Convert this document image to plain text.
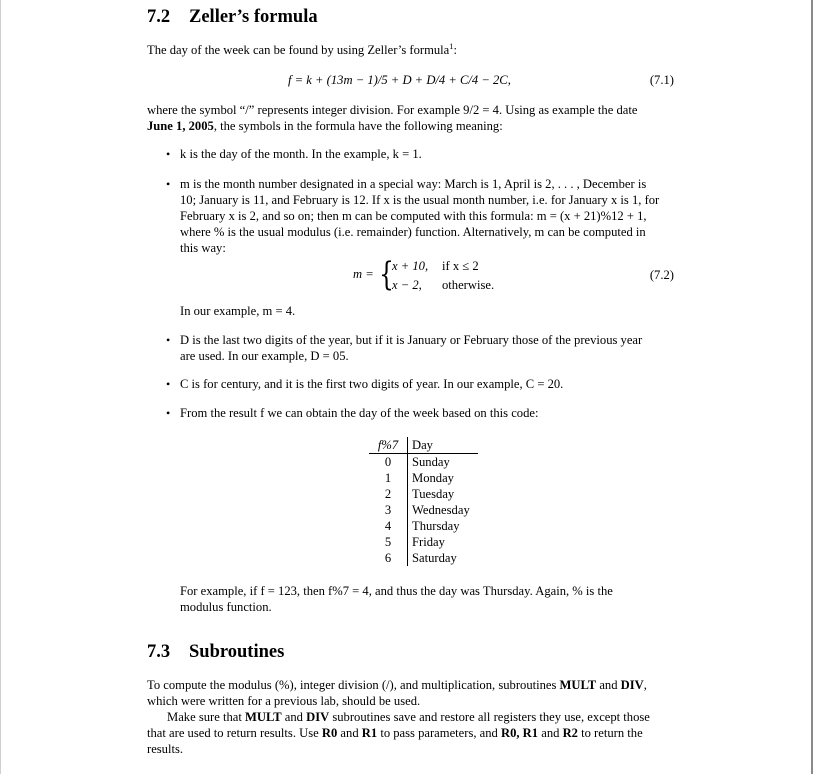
7.2 Zeller’s formula
The day of the week can be found by using Zeller’s formula$^1$:
f = k + (13m − 1)/5 + D + D/4 + C/4 − 2C,	(7.1)
where the symbol “/” represents integer division. For example 9/2 = 4. Using as example the date
June 1, 2005, the symbols in the formula have the following meaning:
• k is the day of the month. In the example, k = 1.
• m is the month number designated in a special way: March is 1, April is 2, . . . , December is
10; January is 11, and February is 12. If x is the usual month number, i.e. for January x is 1, for
February x is 2, and so on; then m can be computed with this formula: m = (x + 21)%12 + 1,
where % is the usual modulus (i.e. remainder) function. Alternatively, m can be computed in
this way:
m = {
x + 10, if x ≤ 2
x − 2, otherwise.
(7.2)
In our example, m = 4.
• D is the last two digits of the year, but if it is January or February those of the previous year
are used. In our example, D = 05.
• C is for century, and it is the first two digits of year. In our example, C = 20.
• From the result f we can obtain the day of the week based on this code:
f%7	Day
0	Sunday
1	Monday
2	Tuesday
3	Wednesday
4	Thursday
5	Friday
6	Saturday
For example, if f = 123, then f%7 = 4, and thus the day was Thursday. Again, % is the
modulus function.
7.3 Subroutines
To compute the modulus (%), integer division (/), and multiplication, subroutines MULT and DIV,
which were written for a previous lab, should be used.
Make sure that MULT and DIV subroutines save and restore all registers they use, except those
that are used to return results. Use R0 and R1 to pass parameters, and R0, R1 and R2 to return the
results.
